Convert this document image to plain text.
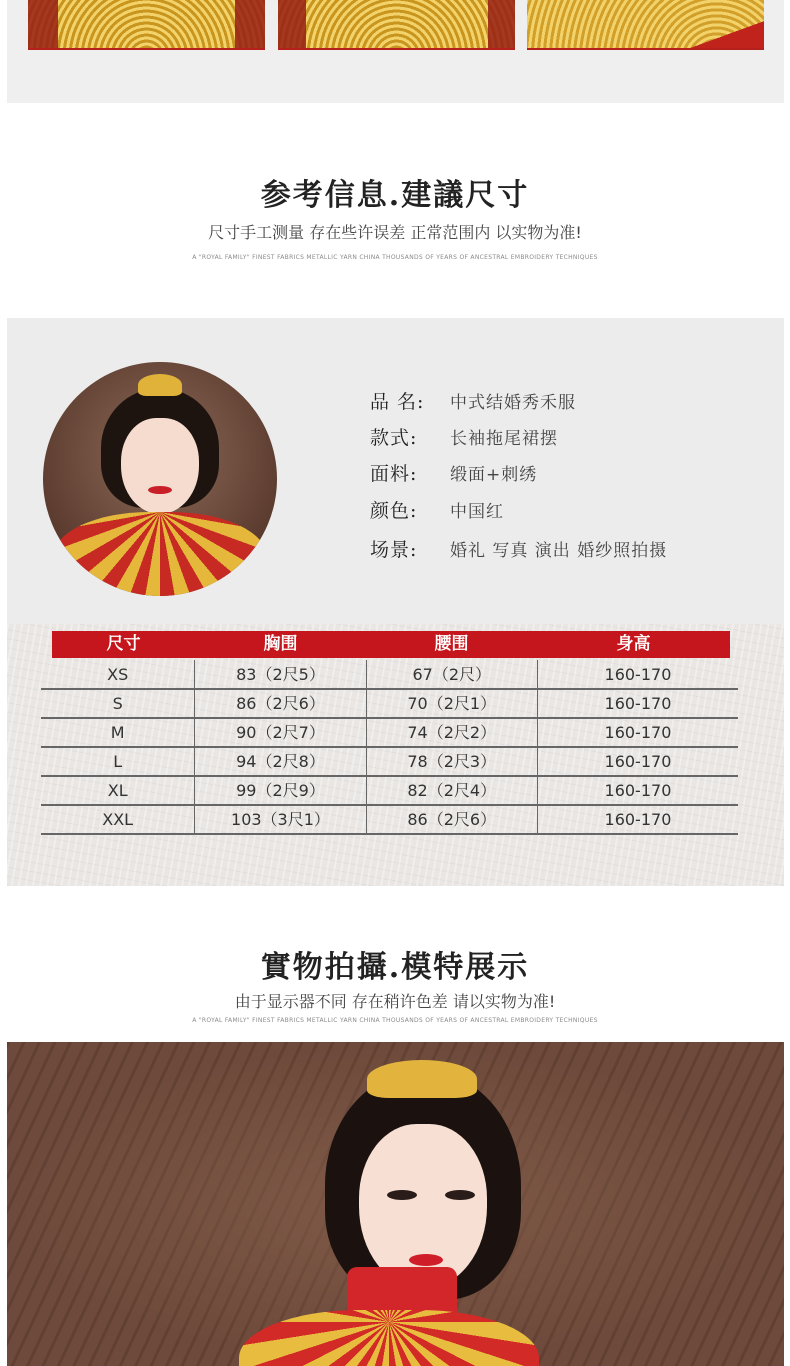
参考信息.建議尺寸
尺寸手工测量 存在些许误差 正常范围内 以实物为准!
A "ROYAL FAMILY" FINEST FABRICS METALLIC YARN CHINA THOUSANDS OF YEARS OF ANCESTRAL EMBROIDERY TECHNIQUES
品 名:	中式结婚秀禾服
款式:	长袖拖尾裙摆
面料:	缎面+刺绣
颜色:	中国红
场景:	婚礼 写真 演出 婚纱照拍摄
尺寸	胸围	腰围	身高
XS	83（2尺5）	67（2尺）	160-170
S	86（2尺6）	70（2尺1）	160-170
M	90（2尺7）	74（2尺2）	160-170
L	94（2尺8）	78（2尺3）	160-170
XL	99（2尺9）	82（2尺4）	160-170
XXL	103（3尺1）	86（2尺6）	160-170
實物拍攝.模特展示
由于显示器不同 存在稍许色差 请以实物为准!
A "ROYAL FAMILY" FINEST FABRICS METALLIC YARN CHINA THOUSANDS OF YEARS OF ANCESTRAL EMBROIDERY TECHNIQUES
